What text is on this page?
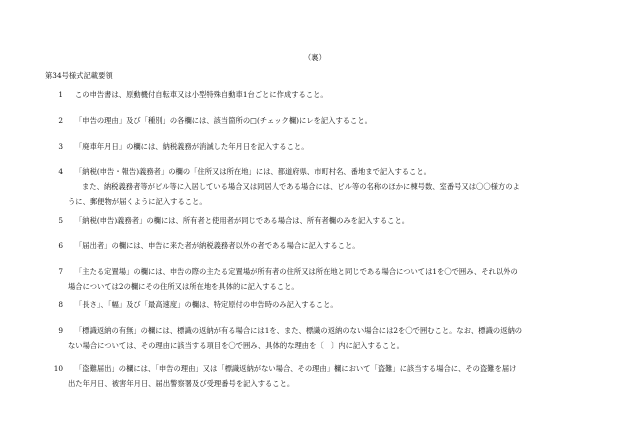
（裏）
第34号様式記載要領
1 この申告書は、原動機付自転車又は小型特殊自動車1台ごとに作成すること。
2 「申告の理由」及び「種別」の各欄には、該当箇所の□(チェック欄)にレを記入すること。
3 「廃車年月日」の欄には、納税義務が消滅した年月日を記入すること。
4 「納税(申告・報告)義務者」の欄の「住所又は所在地」には、都道府県、市町村名、番地まで記入すること。
また、納税義務者等がビル等に入居している場合又は同居人である場合には、ビル等の名称のほかに棟号数、室番号又は〇〇様方のよ
うに、郵便物が届くように記入すること。
5 「納税(申告)義務者」の欄には、所有者と使用者が同じである場合は、所有者欄のみを記入すること。
6 「届出者」の欄には、申告に来た者が納税義務者以外の者である場合に記入すること。
7 「主たる定置場」の欄には、申告の際の主たる定置場が所有者の住所又は所在地と同じである場合については1を〇で囲み、それ以外の
場合については2の欄にその住所又は所在地を具体的に記入すること。
8 「長さ」、「幅」及び「最高速度」の欄は、特定原付の申告時のみ記入すること。
9 「標識返納の有無」の欄には、標識の返納が有る場合には1を、また、標識の返納のない場合には2を〇で囲むこと。なお、標識の返納の
ない場合については、その理由に該当する項目を〇で囲み、具体的な理由を〔　〕内に記入すること。
10 「盗難届出」の欄には、「申告の理由」又は「標識返納がない場合、その理由」欄において「盗難」に該当する場合に、その盗難を届け
出た年月日、被害年月日、届出警察署及び受理番号を記入すること。
